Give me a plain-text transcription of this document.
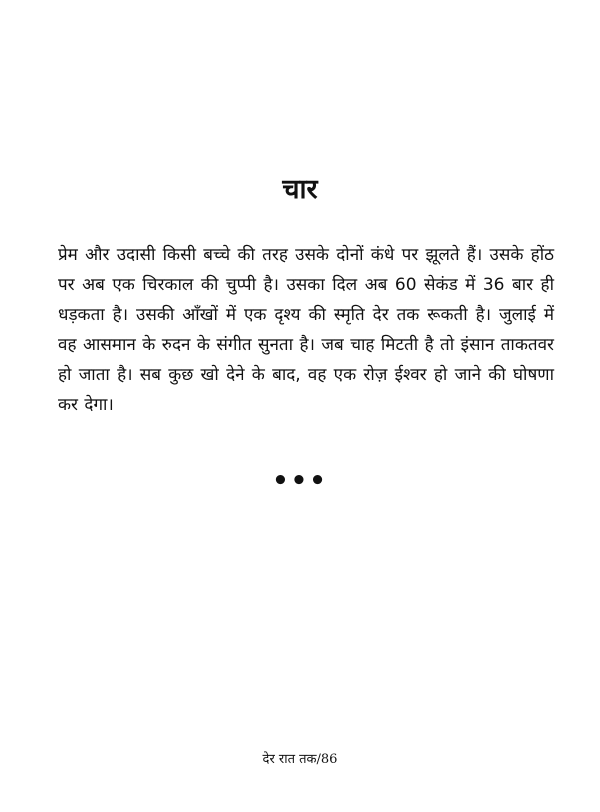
चार

प्रेम और उदासी किसी बच्चे की तरह उसके दोनों कंधे पर झूलते हैं। उसके होंठ पर अब एक चिरकाल की चुप्पी है। उसका दिल अब 60 सेकंड में 36 बार ही धड़कता है। उसकी आँखों में एक दृश्य की स्मृति देर तक रूकती है। जुलाई में वह आसमान के रुदन के संगीत सुनता है। जब चाह मिटती है तो इंसान ताकतवर हो जाता है। सब कुछ खो देने के बाद, वह एक रोज़ ईश्वर हो जाने की घोषणा कर देगा।

•••
देर रात तक/86
